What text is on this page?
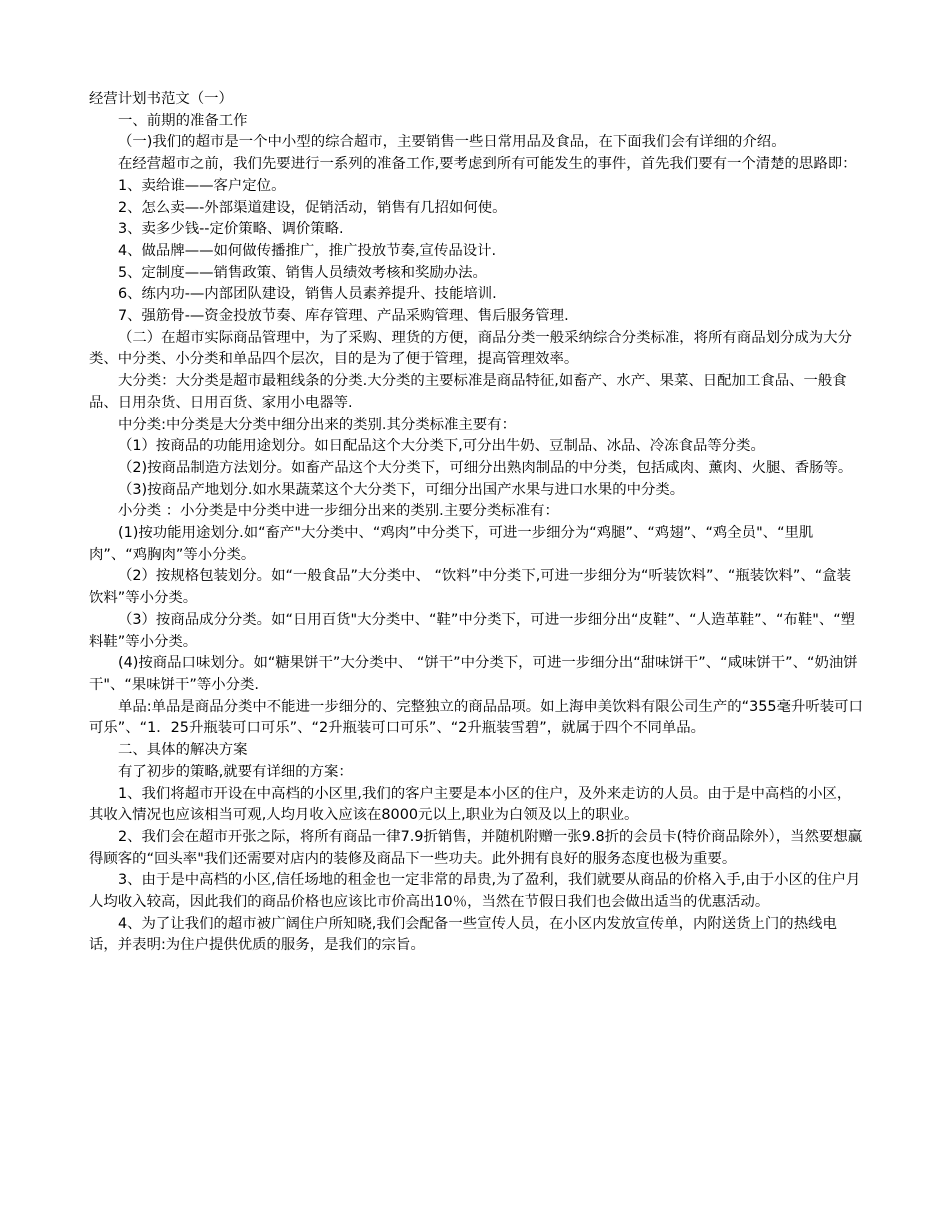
经营计划书范文（一）

一、前期的准备工作

（一)我们的超市是一个中小型的综合超市，主要销售一些日常用品及食品，在下面我们会有详细的介绍。

在经营超市之前，我们先要进行一系列的准备工作,要考虑到所有可能发生的事件，首先我们要有一个清楚的思路即：

1、卖给谁——客户定位。

2、怎么卖—-外部渠道建设，促销活动，销售有几招如何使。

3、卖多少钱--定价策略、调价策略.

4、做品牌——如何做传播推广，推广投放节奏,宣传品设计.

5、定制度——销售政策、销售人员绩效考核和奖励办法。

6、练内功-—内部团队建设，销售人员素养提升、技能培训.

7、强筋骨-—资金投放节奏、库存管理、产品采购管理、售后服务管理.

（二）在超市实际商品管理中，为了采购、理货的方便，商品分类一般采纳综合分类标准，将所有商品划分成为大分类、中分类、小分类和单品四个层次，目的是为了便于管理，提高管理效率。

大分类：大分类是超市最粗线条的分类.大分类的主要标准是商品特征,如畜产、水产、果菜、日配加工食品、一般食品、日用杂货、日用百货、家用小电器等.

中分类:中分类是大分类中细分出来的类别.其分类标准主要有：

（1）按商品的功能用途划分。如日配品这个大分类下,可分出牛奶、豆制品、冰品、冷冻食品等分类。

（2)按商品制造方法划分。如畜产品这个大分类下，可细分出熟肉制品的中分类，包括咸肉、薰肉、火腿、香肠等。

（3)按商品产地划分.如水果蔬菜这个大分类下，可细分出国产水果与进口水果的中分类。

小分类 ：小分类是中分类中进一步细分出来的类别.主要分类标准有：

(1)按功能用途划分.如“畜产"大分类中、“鸡肉”中分类下，可进一步细分为“鸡腿”、“鸡翅”、“鸡全员"、“里肌肉”、“鸡胸肉”等小分类。

（2）按规格包装划分。如“一般食品”大分类中、 “饮料”中分类下,可进一步细分为“听装饮料”、“瓶装饮料”、“盒装饮料”等小分类。

（3）按商品成分分类。如“日用百货"大分类中、“鞋”中分类下，可进一步细分出“皮鞋”、“人造革鞋”、“布鞋"、“塑料鞋”等小分类。

(4)按商品口味划分。如“糖果饼干”大分类中、 “饼干”中分类下，可进一步细分出“甜味饼干”、“咸味饼干”、“奶油饼干"、“果味饼干”等小分类.

单品:单品是商品分类中不能进一步细分的、完整独立的商品品项。如上海申美饮料有限公司生产的“355毫升听装可口可乐”、“1．25升瓶装可口可乐”、“2升瓶装可口可乐”、“2升瓶装雪碧”，就属于四个不同单品。

二、具体的解决方案

有了初步的策略,就要有详细的方案：

1、我们将超市开设在中高档的小区里,我们的客户主要是本小区的住户，及外来走访的人员。由于是中高档的小区，其收入情况也应该相当可观,人均月收入应该在8000元以上,职业为白领及以上的职业。

2、我们会在超市开张之际，将所有商品一律7.9折销售，并随机附赠一张9.8折的会员卡(特价商品除外），当然要想赢得顾客的“回头率"我们还需要对店内的装修及商品下一些功夫。此外拥有良好的服务态度也极为重要。

3、由于是中高档的小区,信任场地的租金也一定非常的昂贵,为了盈利，我们就要从商品的价格入手,由于小区的住户月人均收入较高，因此我们的商品价格也应该比市价高出10％，当然在节假日我们也会做出适当的优惠活动。

4、为了让我们的超市被广阔住户所知晓,我们会配备一些宣传人员，在小区内发放宣传单，内附送货上门的热线电话，并表明:为住户提供优质的服务，是我们的宗旨。
